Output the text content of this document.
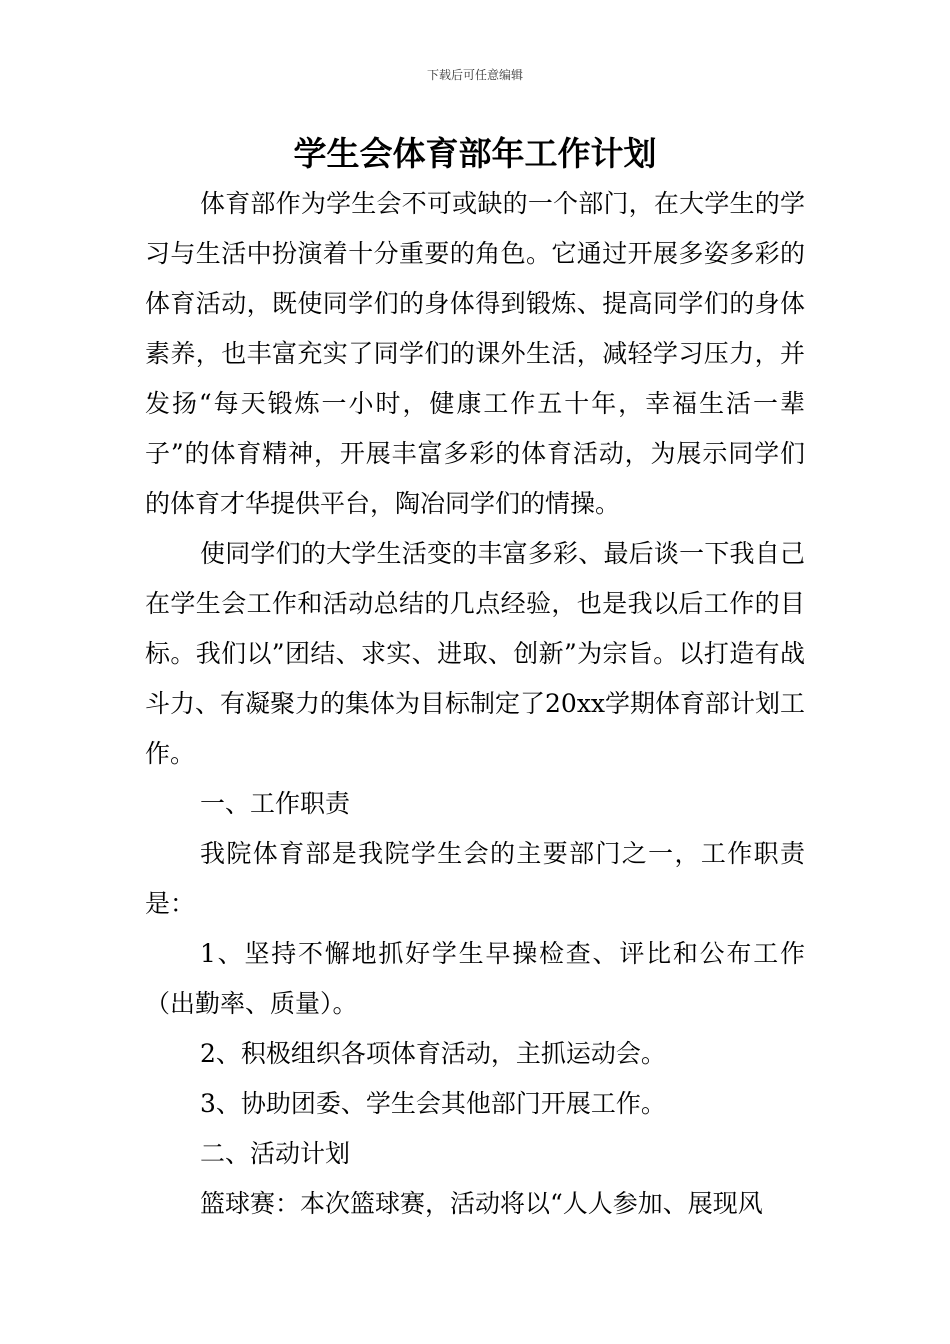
下载后可任意编辑
学生会体育部年工作计划

体育部作为学生会不可或缺的一个部门，在大学生的学习与生活中扮演着十分重要的角色。它通过开展多姿多彩的体育活动，既使同学们的身体得到锻炼、提高同学们的身体素养，也丰富充实了同学们的课外生活，减轻学习压力，并发扬“每天锻炼一小时，健康工作五十年，幸福生活一辈子”的体育精神，开展丰富多彩的体育活动，为展示同学们的体育才华提供平台，陶冶同学们的情操。

使同学们的大学生活变的丰富多彩、最后谈一下我自己在学生会工作和活动总结的几点经验，也是我以后工作的目标。我们以”团结、求实、进取、创新”为宗旨。以打造有战斗力、有凝聚力的集体为目标制定了20xx学期体育部计划工作。

一、工作职责

我院体育部是我院学生会的主要部门之一，工作职责是：

1、坚持不懈地抓好学生早操检查、评比和公布工作（出勤率、质量）。

2、积极组织各项体育活动，主抓运动会。

3、协助团委、学生会其他部门开展工作。

二、活动计划

篮球赛：本次篮球赛，活动将以“人人参加、展现风
